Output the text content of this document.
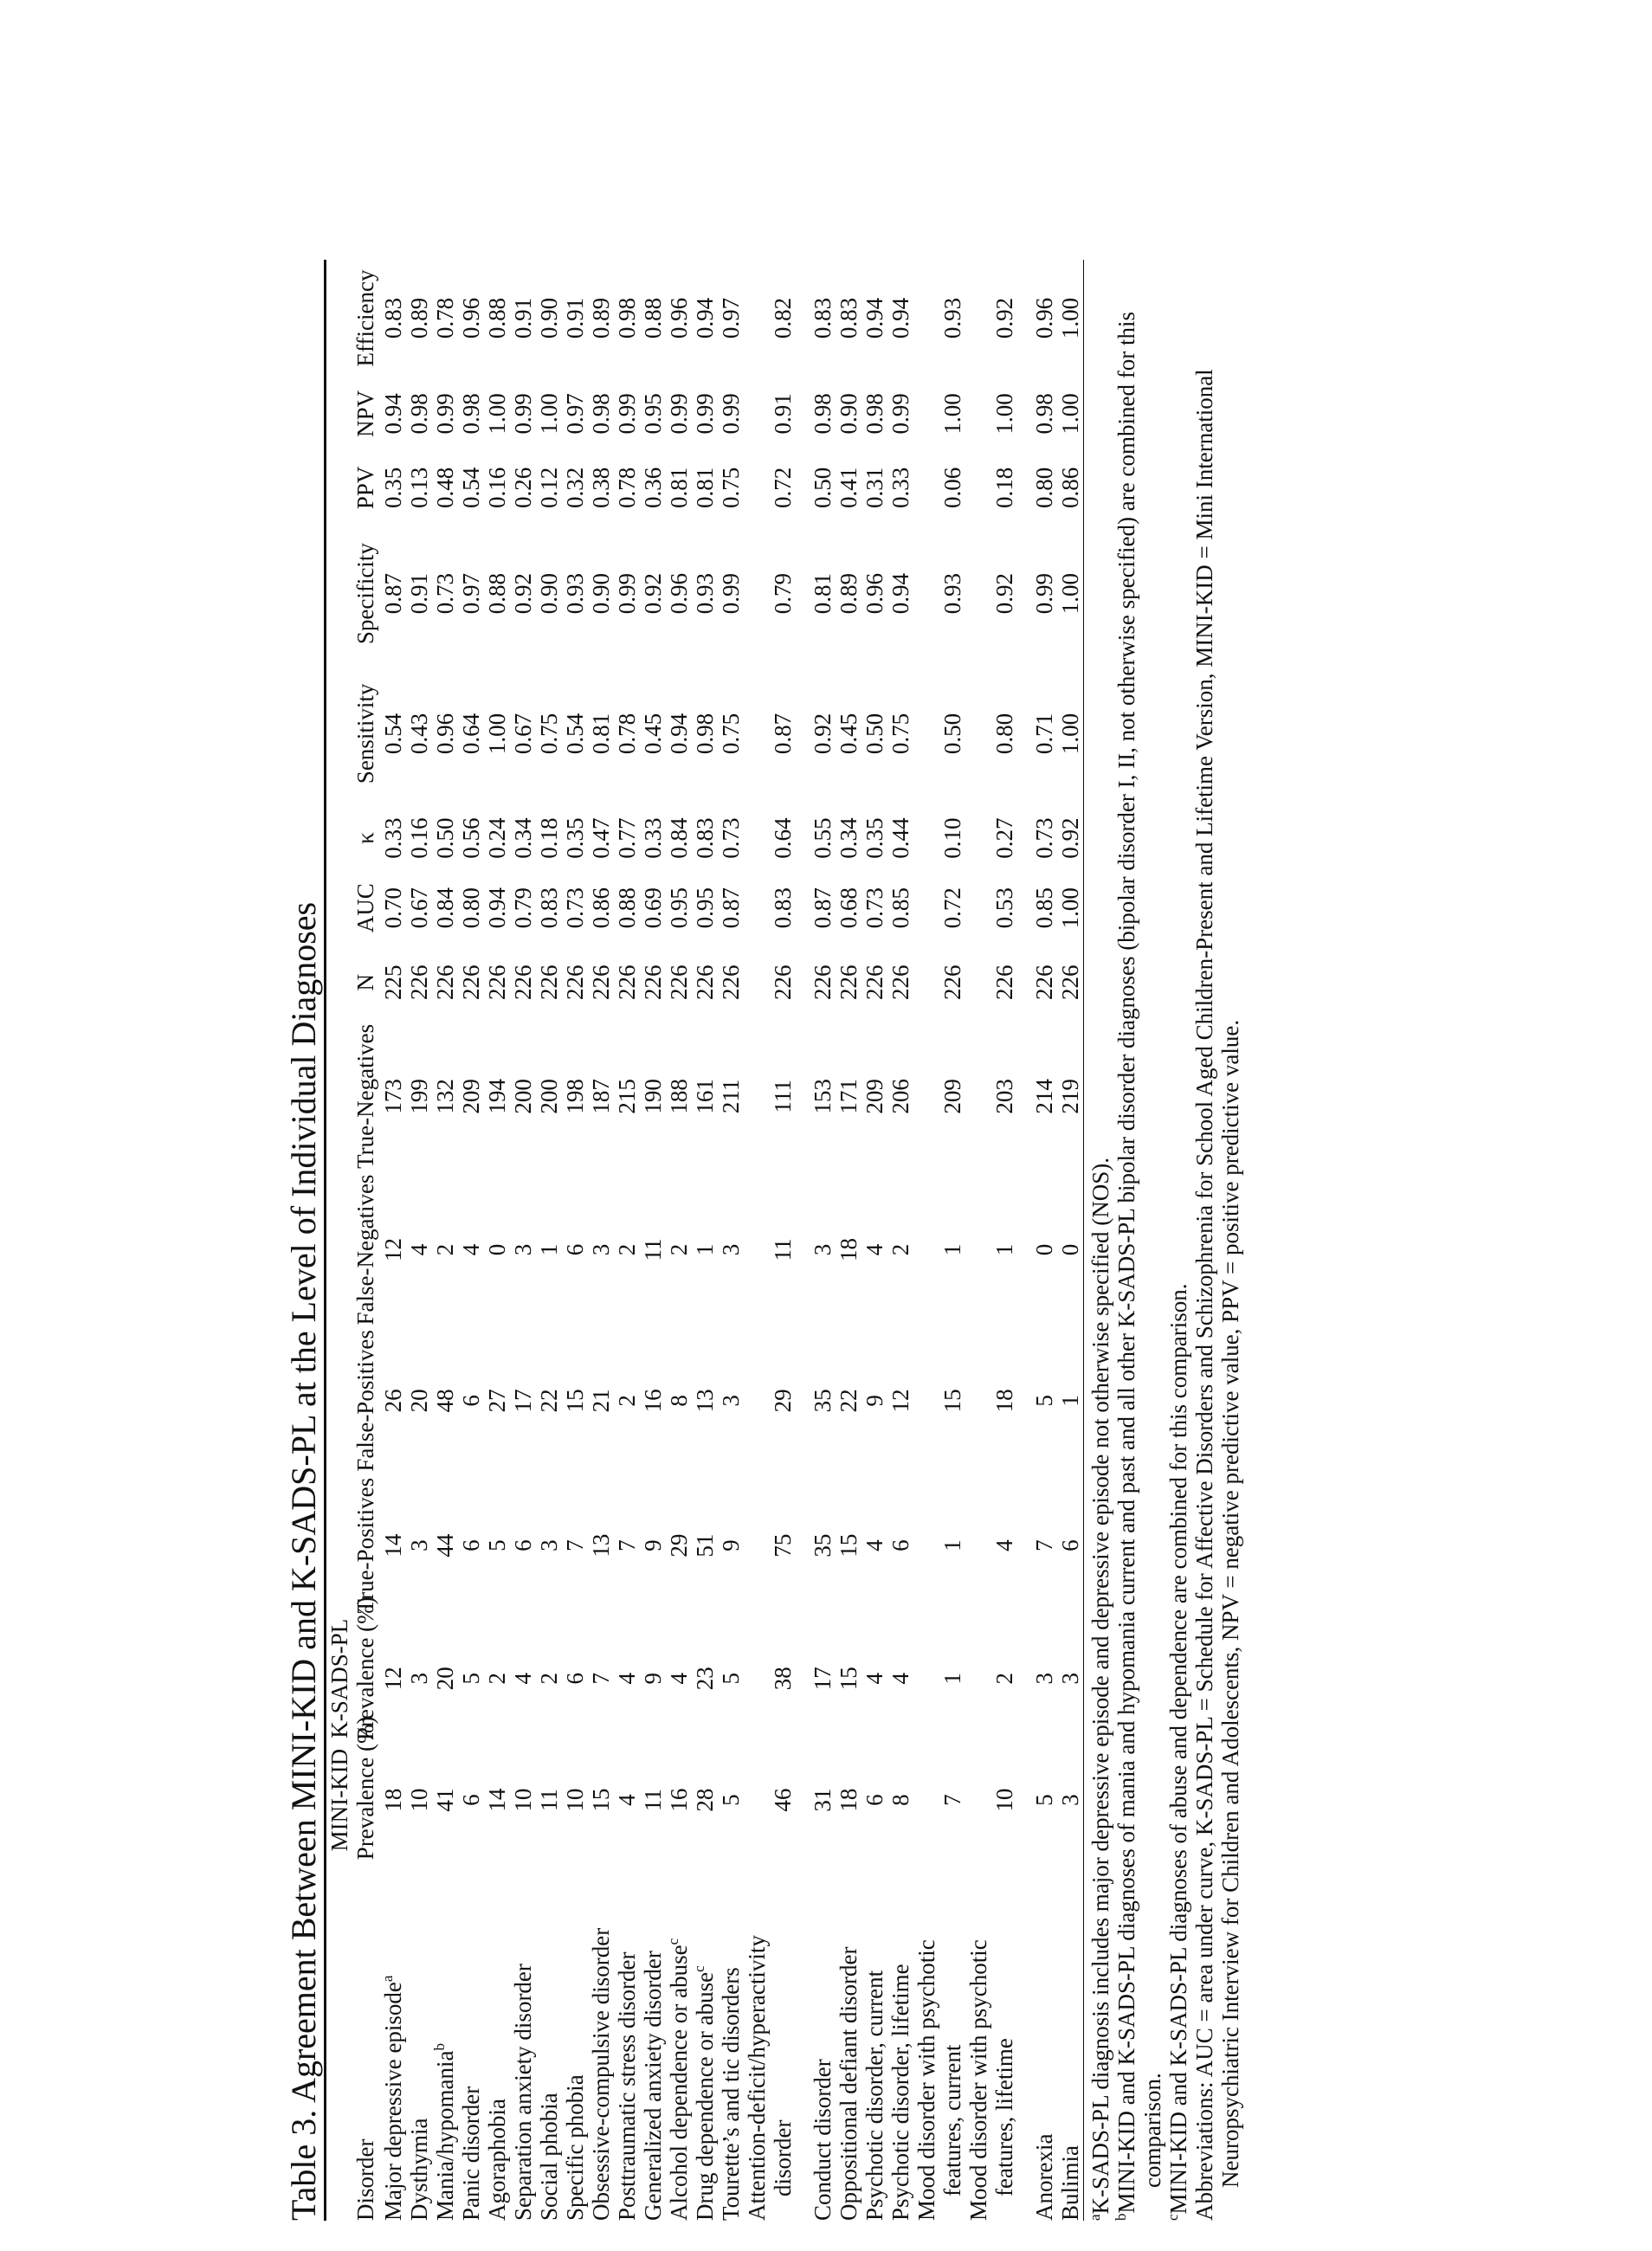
Table 3. Agreement Between MINI-KID and K-SADS-PL at the Level of Individual Diagnoses
	MINI-KID	K-SADS-PL												
Disorder	Prevalence (%)	Prevalence (%)	True-Positives	False-Positives	False-Negatives	True-Negatives	N	AUC	κ	Sensitivity	Specificity	PPV	NPV	Efficiency
Major depressive episode$^a$	18	12	14	26	12	173	225	0.70	0.33	0.54	0.87	0.35	0.94	0.83
Dysthymia	10	3	3	20	4	199	226	0.67	0.16	0.43	0.91	0.13	0.98	0.89
Mania/hypomania$^b$	41	20	44	48	2	132	226	0.84	0.50	0.96	0.73	0.48	0.99	0.78
Panic disorder	6	5	6	6	4	209	226	0.80	0.56	0.64	0.97	0.54	0.98	0.96
Agoraphobia	14	2	5	27	0	194	226	0.94	0.24	1.00	0.88	0.16	1.00	0.88
Separation anxiety disorder	10	4	6	17	3	200	226	0.79	0.34	0.67	0.92	0.26	0.99	0.91
Social phobia	11	2	3	22	1	200	226	0.83	0.18	0.75	0.90	0.12	1.00	0.90
Specific phobia	10	6	7	15	6	198	226	0.73	0.35	0.54	0.93	0.32	0.97	0.91
Obsessive-compulsive disorder	15	7	13	21	3	187	226	0.86	0.47	0.81	0.90	0.38	0.98	0.89
Posttraumatic stress disorder	4	4	7	2	2	215	226	0.88	0.77	0.78	0.99	0.78	0.99	0.98
Generalized anxiety disorder	11	9	9	16	11	190	226	0.69	0.33	0.45	0.92	0.36	0.95	0.88
Alcohol dependence or abuse$^c$	16	4	29	8	2	188	226	0.95	0.84	0.94	0.96	0.81	0.99	0.96
Drug dependence or abuse$^c$	28	23	51	13	1	161	226	0.95	0.83	0.98	0.93	0.81	0.99	0.94
Tourette’s and tic disorders	5	5	9	3	3	211	226	0.87	0.73	0.75	0.99	0.75	0.99	0.97
Attention-deficit/hyperactivity disorder	46	38	75	29	11	111	226	0.83	0.64	0.87	0.79	0.72	0.91	0.82
Conduct disorder	31	17	35	35	3	153	226	0.87	0.55	0.92	0.81	0.50	0.98	0.83
Oppositional defiant disorder	18	15	15	22	18	171	226	0.68	0.34	0.45	0.89	0.41	0.90	0.83
Psychotic disorder, current	6	4	4	9	4	209	226	0.73	0.35	0.50	0.96	0.31	0.98	0.94
Psychotic disorder, lifetime	8	4	6	12	2	206	226	0.85	0.44	0.75	0.94	0.33	0.99	0.94
Mood disorder with psychotic features, current	7	1	1	15	1	209	226	0.72	0.10	0.50	0.93	0.06	1.00	0.93
Mood disorder with psychotic features, lifetime	10	2	4	18	1	203	226	0.53	0.27	0.80	0.92	0.18	1.00	0.92
Anorexia	5	3	7	5	0	214	226	0.85	0.73	0.71	0.99	0.80	0.98	0.96
Bulimia	3	3	6	1	0	219	226	1.00	0.92	1.00	1.00	0.86	1.00	1.00

$^a$K-SADS-PL diagnosis includes major depressive episode and depressive episode not otherwise specified (NOS).

$^b$MINI-KID and K-SADS-PL diagnoses of mania and hypomania current and past and all other K-SADS-PL bipolar disorder diagnoses (bipolar disorder I, II, not otherwise specified) are combined for this comparison.

$^c$MINI-KID and K-SADS-PL diagnoses of abuse and dependence are combined for this comparison. Abbreviations: AUC = area under curve, K-SADS-PL = Schedule for Affective Disorders and Schizophrenia for School Aged Children-Present and Lifetime Version, MINI-KID = Mini International Neuropsychiatric Interview for Children and Adolescents, NPV = negative predictive value, PPV = positive predictive value.
